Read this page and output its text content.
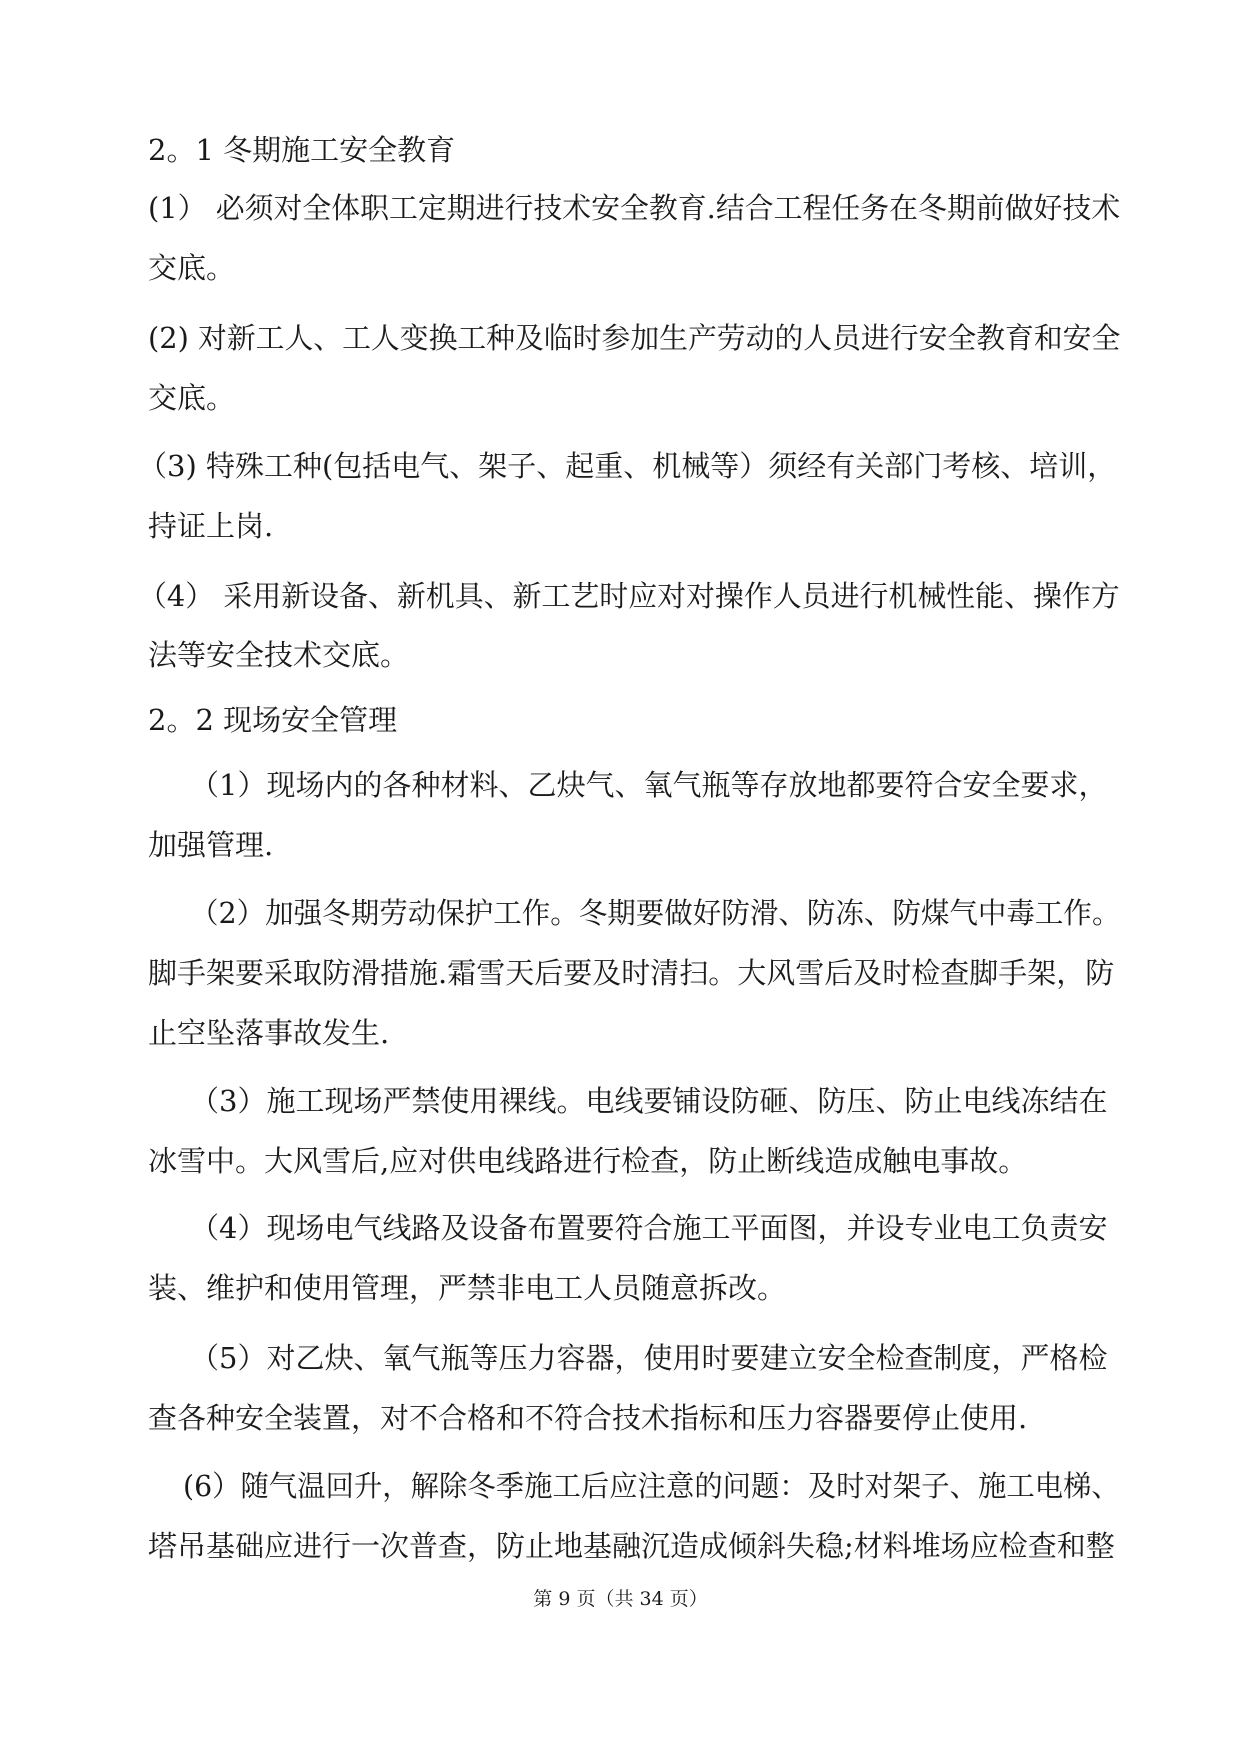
2。1 冬期施工安全教育
(1） 必须对全体职工定期进行技术安全教育.结合工程任务在冬期前做好技术
交底。
(2) 对新工人、工人变换工种及临时参加生产劳动的人员进行安全教育和安全
交底。
（3) 特殊工种(包括电气、架子、起重、机械等）须经有关部门考核、培训，
持证上岗.
（4） 采用新设备、新机具、新工艺时应对对操作人员进行机械性能、操作方
法等安全技术交底。
2。2 现场安全管理
（1）现场内的各种材料、乙炔气、氧气瓶等存放地都要符合安全要求，
加强管理.
（2）加强冬期劳动保护工作。冬期要做好防滑、防冻、防煤气中毒工作。
脚手架要采取防滑措施.霜雪天后要及时清扫。大风雪后及时检查脚手架，防
止空坠落事故发生.
（3）施工现场严禁使用裸线。电线要铺设防砸、防压、防止电线冻结在
冰雪中。大风雪后,应对供电线路进行检查，防止断线造成触电事故。
（4）现场电气线路及设备布置要符合施工平面图，并设专业电工负责安
装、维护和使用管理，严禁非电工人员随意拆改。
（5）对乙炔、氧气瓶等压力容器，使用时要建立安全检查制度，严格检
查各种安全装置，对不合格和不符合技术指标和压力容器要停止使用.
(6）随气温回升，解除冬季施工后应注意的问题：及时对架子、施工电梯、
塔吊基础应进行一次普查，防止地基融沉造成倾斜失稳;材料堆场应检查和整
第 9 页（共 34 页）
